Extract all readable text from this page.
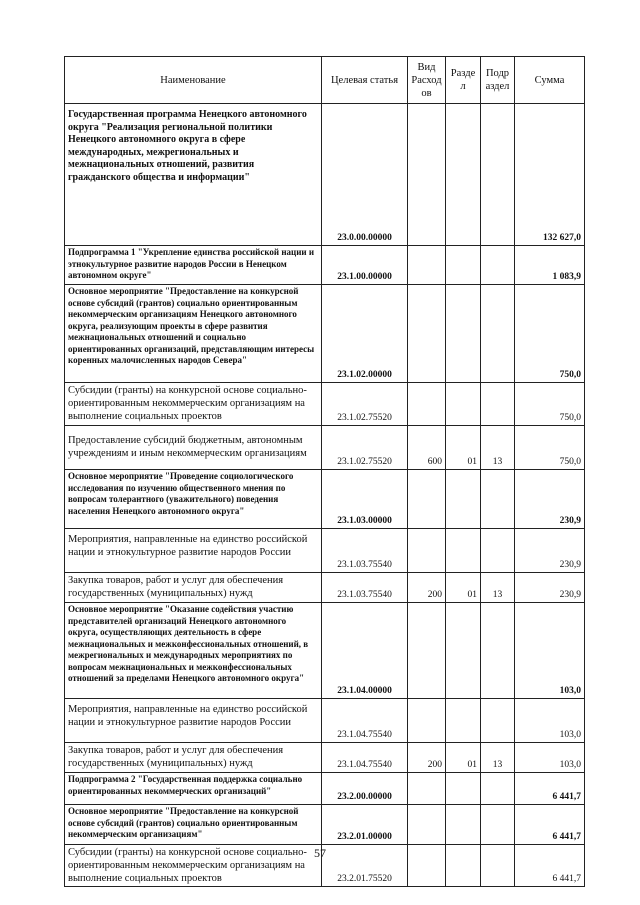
Наименование	Целевая статья	Вид Расход ов	Разде л	Подр аздел	Сумма
Государственная программа Ненецкого автономного округа "Реализация региональной политики Ненецкого автономного округа в сфере международных, межрегиональных и межнациональных отношений, развития гражданского общества и информации"	23.0.00.00000				132 627,0
Подпрограмма 1 "Укрепление единства российской нации и этнокультурное развитие народов России в Ненецком автономном округе"	23.1.00.00000				1 083,9
Основное мероприятие "Предоставление на конкурсной основе субсидий (грантов) социально ориентированным некоммерческим организациям Ненецкого автономного округа, реализующим проекты в сфере развития межнациональных отношений и социально ориентированных организаций, представляющим интересы коренных малочисленных народов Севера"	23.1.02.00000				750,0
Субсидии (гранты) на конкурсной основе социально-ориентированным некоммерческим организациям на выполнение социальных проектов	23.1.02.75520				750,0
Предоставление субсидий бюджетным, автономным учреждениям и иным некоммерческим организациям	23.1.02.75520	600	01	13	750,0
Основное мероприятие "Проведение социологического исследования по изучению общественного мнения по вопросам толерантного (уважительного) поведения населения Ненецкого автономного округа"	23.1.03.00000				230,9
Мероприятия, направленные на единство российской нации и этнокультурное развитие народов России	23.1.03.75540				230,9
Закупка товаров, работ и услуг для обеспечения государственных (муниципальных) нужд	23.1.03.75540	200	01	13	230,9
Основное мероприятие "Оказание содействия участию представителей организаций Ненецкого автономного округа, осуществляющих деятельность в сфере межнациональных и межконфессиональных отношений, в межрегиональных и международных мероприятиях по вопросам межнациональных и межконфессиональных отношений за пределами Ненецкого автономного округа"	23.1.04.00000				103,0
Мероприятия, направленные на единство российской нации и этнокультурное развитие народов России	23.1.04.75540				103,0
Закупка товаров, работ и услуг для обеспечения государственных (муниципальных) нужд	23.1.04.75540	200	01	13	103,0
Подпрограмма 2 "Государственная поддержка социально ориентированных некоммерческих организаций"	23.2.00.00000				6 441,7
Основное мероприятие "Предоставление на конкурсной основе субсидий (грантов) социально ориентированным некоммерческим организациям"	23.2.01.00000				6 441,7
Субсидии (гранты) на конкурсной основе социально-ориентированным некоммерческим организациям на выполнение социальных проектов	23.2.01.75520				6 441,7
57
